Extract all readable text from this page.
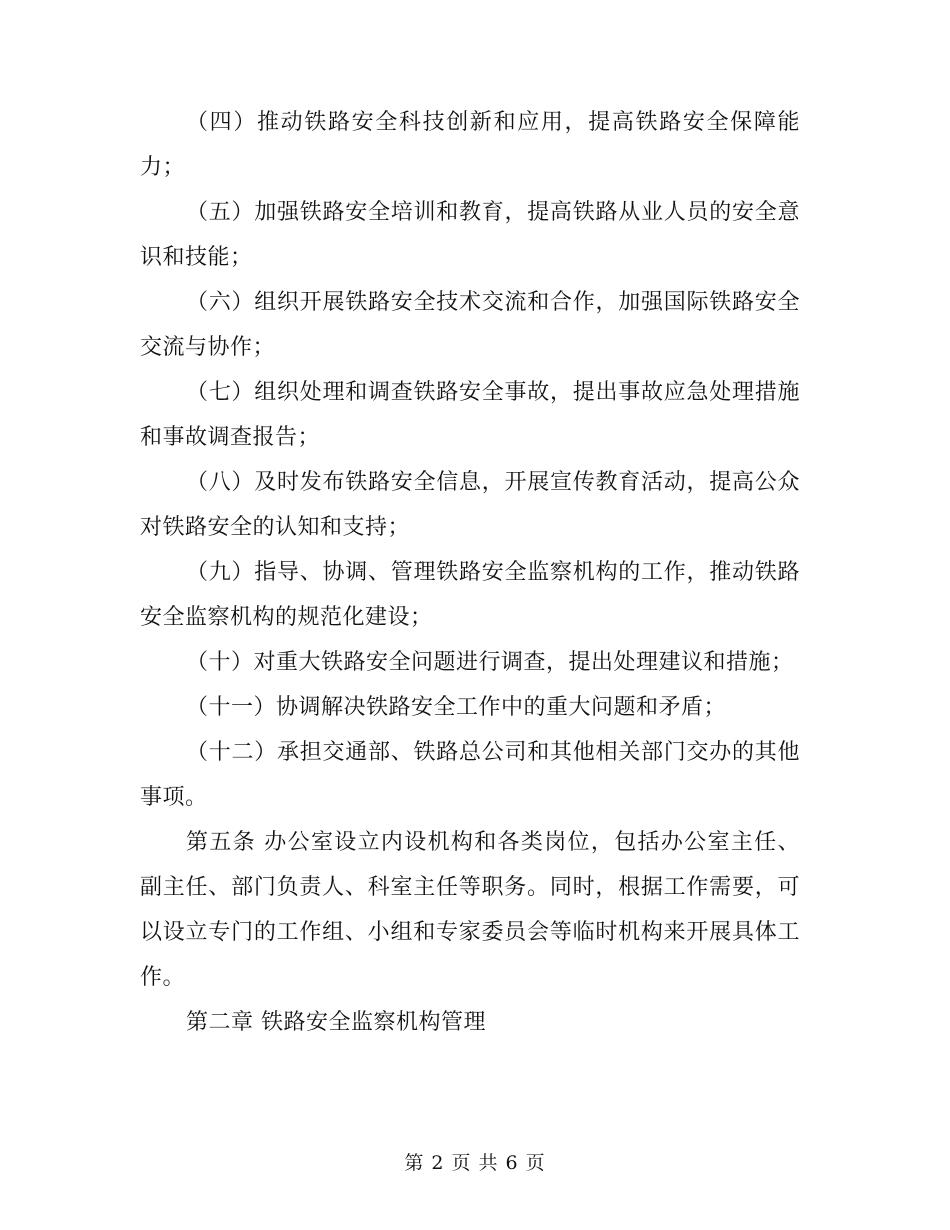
（四）推动铁路安全科技创新和应用，提高铁路安全保障能力；

（五）加强铁路安全培训和教育，提高铁路从业人员的安全意识和技能；

（六）组织开展铁路安全技术交流和合作，加强国际铁路安全交流与协作；

（七）组织处理和调查铁路安全事故，提出事故应急处理措施和事故调查报告；

（八）及时发布铁路安全信息，开展宣传教育活动，提高公众对铁路安全的认知和支持；

（九）指导、协调、管理铁路安全监察机构的工作，推动铁路安全监察机构的规范化建设；

（十）对重大铁路安全问题进行调查，提出处理建议和措施；

（十一）协调解决铁路安全工作中的重大问题和矛盾；

（十二）承担交通部、铁路总公司和其他相关部门交办的其他事项。

第五条 办公室设立内设机构和各类岗位，包括办公室主任、副主任、部门负责人、科室主任等职务。同时，根据工作需要，可以设立专门的工作组、小组和专家委员会等临时机构来开展具体工作。

第二章 铁路安全监察机构管理

第 2 页 共 6 页
